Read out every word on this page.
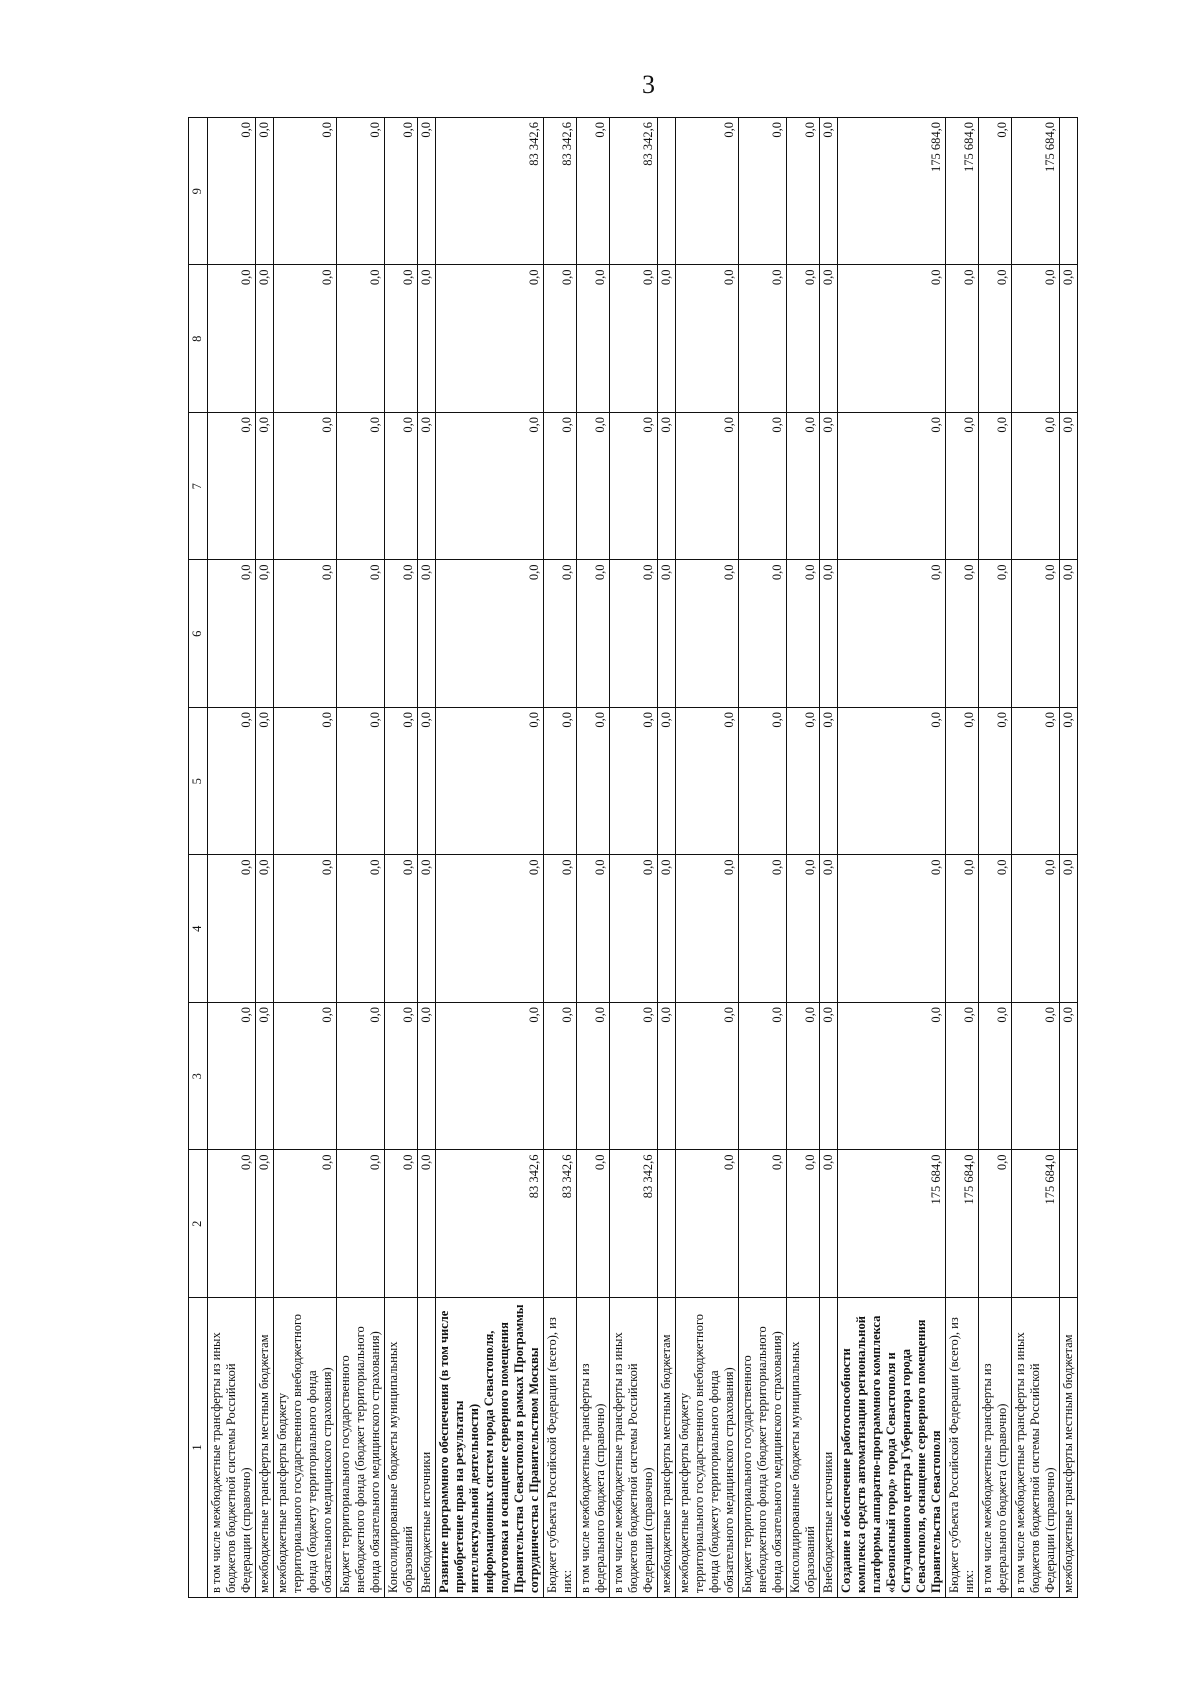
3
1	2	3	4	5	6	7	8	9
в том числе межбюджетные трансферты из иных бюджетов бюджетной системы Российской Федерации (справочно)	0,0	0,0	0,0	0,0	0,0	0,0	0,0	0,0
межбюджетные трансферты местным бюджетам	0,0	0,0	0,0	0,0	0,0	0,0	0,0	0,0
межбюджетные трансферты бюджету территориального государственного внебюджетного фонда (бюджету территориального фонда обязательного медицинского страхования)	0,0	0,0	0,0	0,0	0,0	0,0	0,0	0,0
Бюджет территориального государственного внебюджетного фонда (бюджет территориального фонда обязательного медицинского страхования)	0,0	0,0	0,0	0,0	0,0	0,0	0,0	0,0
Консолидированные бюджеты муниципальных образований	0,0	0,0	0,0	0,0	0,0	0,0	0,0	0,0
Внебюджетные источники	0,0	0,0	0,0	0,0	0,0	0,0	0,0	0,0
Развитие программного обеспечения (в том числе приобретение прав на результаты интеллектуальной деятельности) информационных систем города Севастополя, подготовка и оснащение серверного помещения Правительства Севастополя в рамках Программы сотрудничества с Правительством Москвы	83 342,6	0,0	0,0	0,0	0,0	0,0	0,0	83 342,6
Бюджет субъекта Российской Федерации (всего), из них:	83 342,6	0,0	0,0	0,0	0,0	0,0	0,0	83 342,6
в том числе межбюджетные трансферты из федерального бюджета (справочно)	0,0	0,0	0,0	0,0	0,0	0,0	0,0	0,0
в том числе межбюджетные трансферты из иных бюджетов бюджетной системы Российской Федерации (справочно)	83 342,6	0,0	0,0	0,0	0,0	0,0	0,0	83 342,6
межбюджетные трансферты местным бюджетам		0,0	0,0	0,0	0,0	0,0	0,0	
межбюджетные трансферты бюджету территориального государственного внебюджетного фонда (бюджету территориального фонда обязательного медицинского страхования)	0,0	0,0	0,0	0,0	0,0	0,0	0,0	0,0
Бюджет территориального государственного внебюджетного фонда (бюджет территориального фонда обязательного медицинского страхования)	0,0	0,0	0,0	0,0	0,0	0,0	0,0	0,0
Консолидированные бюджеты муниципальных образований	0,0	0,0	0,0	0,0	0,0	0,0	0,0	0,0
Внебюджетные источники	0,0	0,0	0,0	0,0	0,0	0,0	0,0	0,0
Создание и обеспечение работоспособности комплекса средств автоматизации региональной платформы аппаратно-программного комплекса «Безопасный город» города Севастополя и Ситуационного центра Губернатора города Севастополя, оснащение серверного помещения Правительства Севастополя	175 684,0	0,0	0,0	0,0	0,0	0,0	0,0	175 684,0
Бюджет субъекта Российской Федерации (всего), из них:	175 684,0	0,0	0,0	0,0	0,0	0,0	0,0	175 684,0
в том числе межбюджетные трансферты из федерального бюджета (справочно)	0,0	0,0	0,0	0,0	0,0	0,0	0,0	0,0
в том числе межбюджетные трансферты из иных бюджетов бюджетной системы Российской Федерации (справочно)	175 684,0	0,0	0,0	0,0	0,0	0,0	0,0	175 684,0
межбюджетные трансферты местным бюджетам		0,0	0,0	0,0	0,0	0,0	0,0	
